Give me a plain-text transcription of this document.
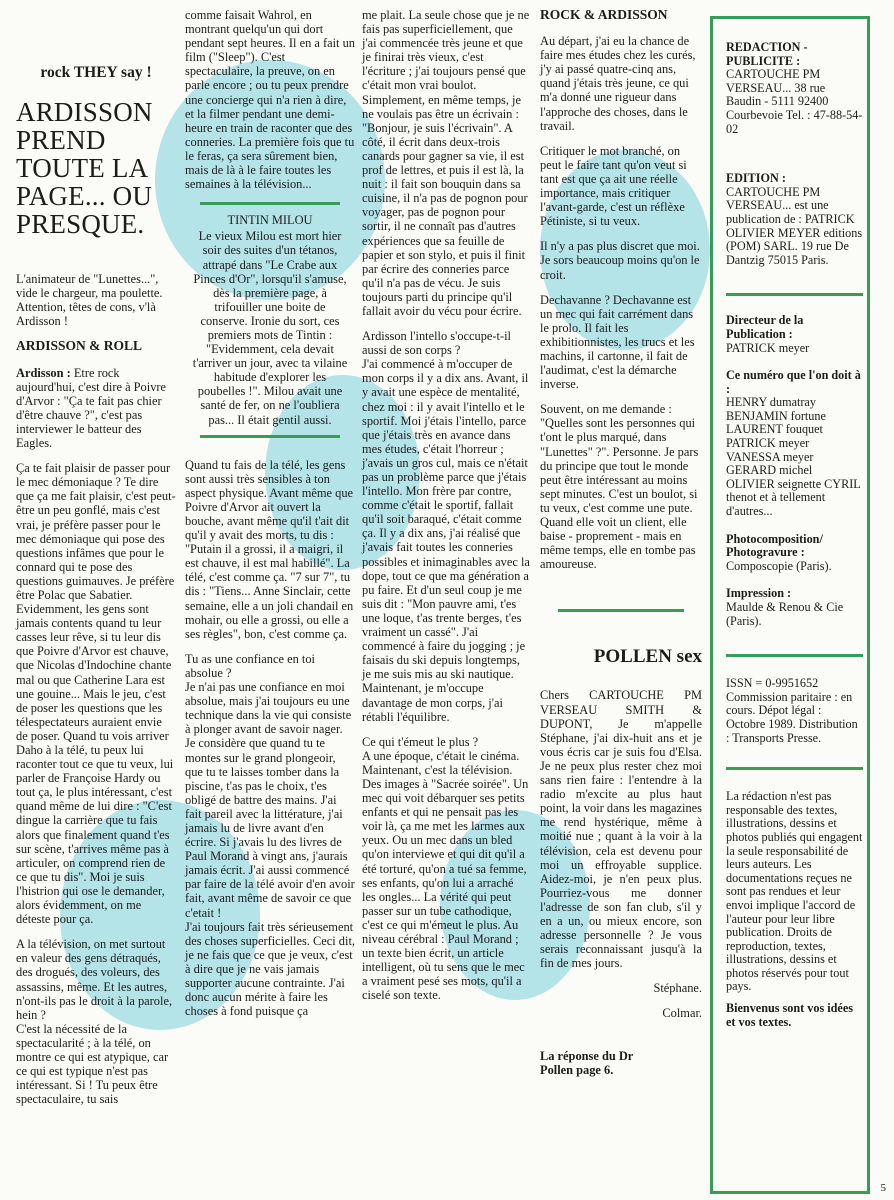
rock THEY say !
ARDISSON PREND TOUTE LA PAGE... OU PRESQUE.

L'animateur de "Lunettes...", vide le chargeur, ma poulette. Attention, têtes de cons, v'là Ardisson !

ARDISSON & ROLL

Ardisson : Etre rock aujourd'hui, c'est dire à Poivre d'Arvor : "Ça te fait pas chier d'être chauve ?", c'est pas interviewer le batteur des Eagles.

Ça te fait plaisir de passer pour le mec démoniaque ? Te dire que ça me fait plaisir, c'est peut-être un peu gonflé, mais c'est vrai, je préfère passer pour le mec démoniaque qui pose des questions infâmes que pour le connard qui te pose des questions guimauves. Je préfère être Polac que Sabatier. Evidemment, les gens sont jamais contents quand tu leur casses leur rêve, si tu leur dis que Poivre d'Arvor est chauve, que Nicolas d'Indochine chante mal ou que Catherine Lara est une gouine... Mais le jeu, c'est de poser les questions que les télespectateurs auraient envie de poser. Quand tu vois arriver Daho à la télé, tu peux lui raconter tout ce que tu veux, lui parler de Françoise Hardy ou tout ça, le plus intéressant, c'est quand même de lui dire : "C'est dingue la carrière que tu fais alors que finalement quand t'es sur scène, t'arrives même pas à articuler, on comprend rien de ce que tu dis". Moi je suis l'histrion qui ose le demander, alors évidemment, on me déteste pour ça.

A la télévision, on met surtout en valeur des gens détraqués, des drogués, des voleurs, des assassins, même. Et les autres, n'ont-ils pas le droit à la parole, hein ?

C'est la nécessité de la spectacularité ; à la télé, on montre ce qui est atypique, car ce qui est typique n'est pas intéressant. Si ! Tu peux être spectaculaire, tu sais

comme faisait Wahrol, en montrant quelqu'un qui dort pendant sept heures. Il en a fait un film ("Sleep"). C'est spectaculaire, la preuve, on en parle encore ; ou tu peux prendre une concierge qui n'a rien à dire, et la filmer pendant une demi-heure en train de raconter que des conneries. La première fois que tu le feras, ça sera sûrement bien, mais de là à le faire toutes les semaines à la télévision...

TINTIN MILOU

Le vieux Milou est mort hier soir des suites d'un tétanos, attrapé dans "Le Crabe aux Pinces d'Or", lorsqu'il s'amuse, dès la première page, à trifouiller une boite de conserve. Ironie du sort, ces premiers mots de Tintin : "Evidemment, cela devait t'arriver un jour, avec ta vilaine habitude d'explorer les poubelles !". Milou avait une santé de fer, on ne l'oubliera pas... Il était gentil aussi.

Quand tu fais de la télé, les gens sont aussi très sensibles à ton aspect physique. Avant même que Poivre d'Arvor ait ouvert la bouche, avant même qu'il t'ait dit qu'il y avait des morts, tu dis : "Putain il a grossi, il a maigri, il est chauve, il est mal habillé". La télé, c'est comme ça. "7 sur 7", tu dis : "Tiens... Anne Sinclair, cette semaine, elle a un joli chandail en mohair, ou elle a grossi, ou elle a ses règles", bon, c'est comme ça.

Tu as une confiance en toi absolue ?

Je n'ai pas une confiance en moi absolue, mais j'ai toujours eu une technique dans la vie qui consiste à plonger avant de savoir nager. Je considère que quand tu te montes sur le grand plongeoir, que tu te laisses tomber dans la piscine, t'as pas le choix, t'es obligé de battre des mains. J'ai fait pareil avec la littérature, j'ai jamais lu de livre avant d'en écrire. Si j'avais lu des livres de Paul Morand à vingt ans, j'aurais jamais écrit. J'ai aussi commencé par faire de la télé avoir d'en avoir fait, avant même de savoir ce que c'etait !

J'ai toujours fait très sérieusement des choses superficielles. Ceci dit, je ne fais que ce que je veux, c'est à dire que je ne vais jamais supporter aucune contrainte. J'ai donc aucun mérite à faire les choses à fond puisque ça

me plait. La seule chose que je ne fais pas superficiellement, que j'ai commencée très jeune et que je finirai très vieux, c'est l'écriture ; j'ai toujours pensé que c'était mon vrai boulot. Simplement, en même temps, je ne voulais pas être un écrivain : "Bonjour, je suis l'écrivain". A côté, il écrit dans deux-trois canards pour gagner sa vie, il est prof de lettres, et puis il est là, la nuit : il fait son bouquin dans sa cuisine, il n'a pas de pognon pour voyager, pas de pognon pour sortir, il ne connaît pas d'autres expériences que sa feuille de papier et son stylo, et puis il finit par écrire des conneries parce qu'il n'a pas de vécu. Je suis toujours parti du principe qu'il fallait avoir du vécu pour écrire.

Ardisson l'intello s'occupe-t-il aussi de son corps ?

J'ai commencé à m'occuper de mon corps il y a dix ans. Avant, il y avait une espèce de mentalité, chez moi : il y avait l'intello et le sportif. Moi j'étais l'intello, parce que j'étais très en avance dans mes études, c'était l'horreur ; j'avais un gros cul, mais ce n'était pas un problème parce que j'étais l'intello. Mon frère par contre, comme c'était le sportif, fallait qu'il soit baraqué, c'était comme ça. Il y a dix ans, j'ai réalisé que j'avais fait toutes les conneries possibles et inimaginables avec la dope, tout ce que ma génération a pu faire. Et d'un seul coup je me suis dit : "Mon pauvre ami, t'es une loque, t'as trente berges, t'es vraiment un cassé". J'ai commencé à faire du jogging ; je faisais du ski depuis longtemps, je me suis mis au ski nautique. Maintenant, je m'occupe davantage de mon corps, j'ai rétabli l'équilibre.

Ce qui t'émeut le plus ?

A une époque, c'était le cinéma. Maintenant, c'est la télévision. Des images à "Sacrée soirée". Un mec qui voit débarquer ses petits enfants et qui ne pensait pas les voir là, ça me met les larmes aux yeux. Ou un mec dans un bled qu'on interviewe et qui dit qu'il a été torturé, qu'on a tué sa femme, ses enfants, qu'on lui a arraché les ongles... La vérité qui peut passer sur un tube cathodique, c'est ce qui m'émeut le plus. Au niveau cérébral : Paul Morand ; un texte bien écrit, un article intelligent, où tu sens que le mec a vraiment pesé ses mots, qu'il a ciselé son texte.

ROCK & ARDISSON

Au départ, j'ai eu la chance de faire mes études chez les curés, j'y ai passé quatre-cinq ans, quand j'étais très jeune, ce qui m'a donné une rigueur dans l'approche des choses, dans le travail.

Critiquer le mot branché, on peut le faire tant qu'on veut si tant est que ça ait une réelle importance, mais critiquer l'avant-garde, c'est un réflèxe Pétiniste, si tu veux.

Il n'y a pas plus discret que moi. Je sors beaucoup moins qu'on le croit.

Dechavanne ? Dechavanne est un mec qui fait carrément dans le prolo. Il fait les exhibitionnistes, les trucs et les machins, il cartonne, il fait de l'audimat, c'est la démarche inverse.

Souvent, on me demande : "Quelles sont les personnes qui t'ont le plus marqué, dans "Lunettes" ?". Personne. Je pars du principe que tout le monde peut être intéressant au moins sept minutes. C'est un boulot, si tu veux, c'est comme une pute. Quand elle voit un client, elle baise - proprement - mais en même temps, elle en tombe pas amoureuse.

POLLEN sex

Chers CARTOUCHE PM VERSEAU SMITH & DUPONT, Je m'appelle Stéphane, j'ai dix-huit ans et je vous écris car je suis fou d'Elsa. Je ne peux plus rester chez moi sans rien faire : l'entendre à la radio m'excite au plus haut point, la voir dans les magazines me rend hystérique, même à moitié nue ; quant à la voir à la télévision, cela est devenu pour moi un effroyable supplice. Aidez-moi, je n'en peux plus. Pourriez-vous me donner l'adresse de son fan club, s'il y en a un, ou mieux encore, son adresse personnelle ? Je vous serais reconnaissant jusqu'à la fin de mes jours.

Stéphane.

Colmar.

La réponse du Dr Pollen page 6.

REDACTION - PUBLICITE :

CARTOUCHE PM VERSEAU... 38 rue Baudin - 5111 92400 Courbevoie Tel. : 47-88-54-02

EDITION :

CARTOUCHE PM VERSEAU... est une publication de : PATRICK OLIVIER MEYER editions (POM) SARL. 19 rue De Dantzig 75015 Paris.

Directeur de la Publication :

PATRICK meyer

Ce numéro que l'on doit à :

HENRY dumatray BENJAMIN fortune LAURENT fouquet PATRICK meyer VANESSA meyer GERARD michel OLIVIER seignette CYRIL thenot et à tellement d'autres...

Photocomposition/ Photogravure :

Composcopie (Paris).

Impression :

Maulde & Renou & Cie (Paris).

ISSN = 0-9951652 Commission paritaire : en cours. Dépot légal : Octobre 1989. Distribution : Transports Presse.

La rédaction n'est pas responsable des textes, illustrations, dessins et photos publiés qui engagent la seule responsabilité de leurs auteurs. Les documentations reçues ne sont pas rendues et leur envoi implique l'accord de l'auteur pour leur libre publication. Droits de reproduction, textes, illustrations, dessins et photos réservés pour tout pays.

Bienvenus sont vos idées et vos textes.

5
